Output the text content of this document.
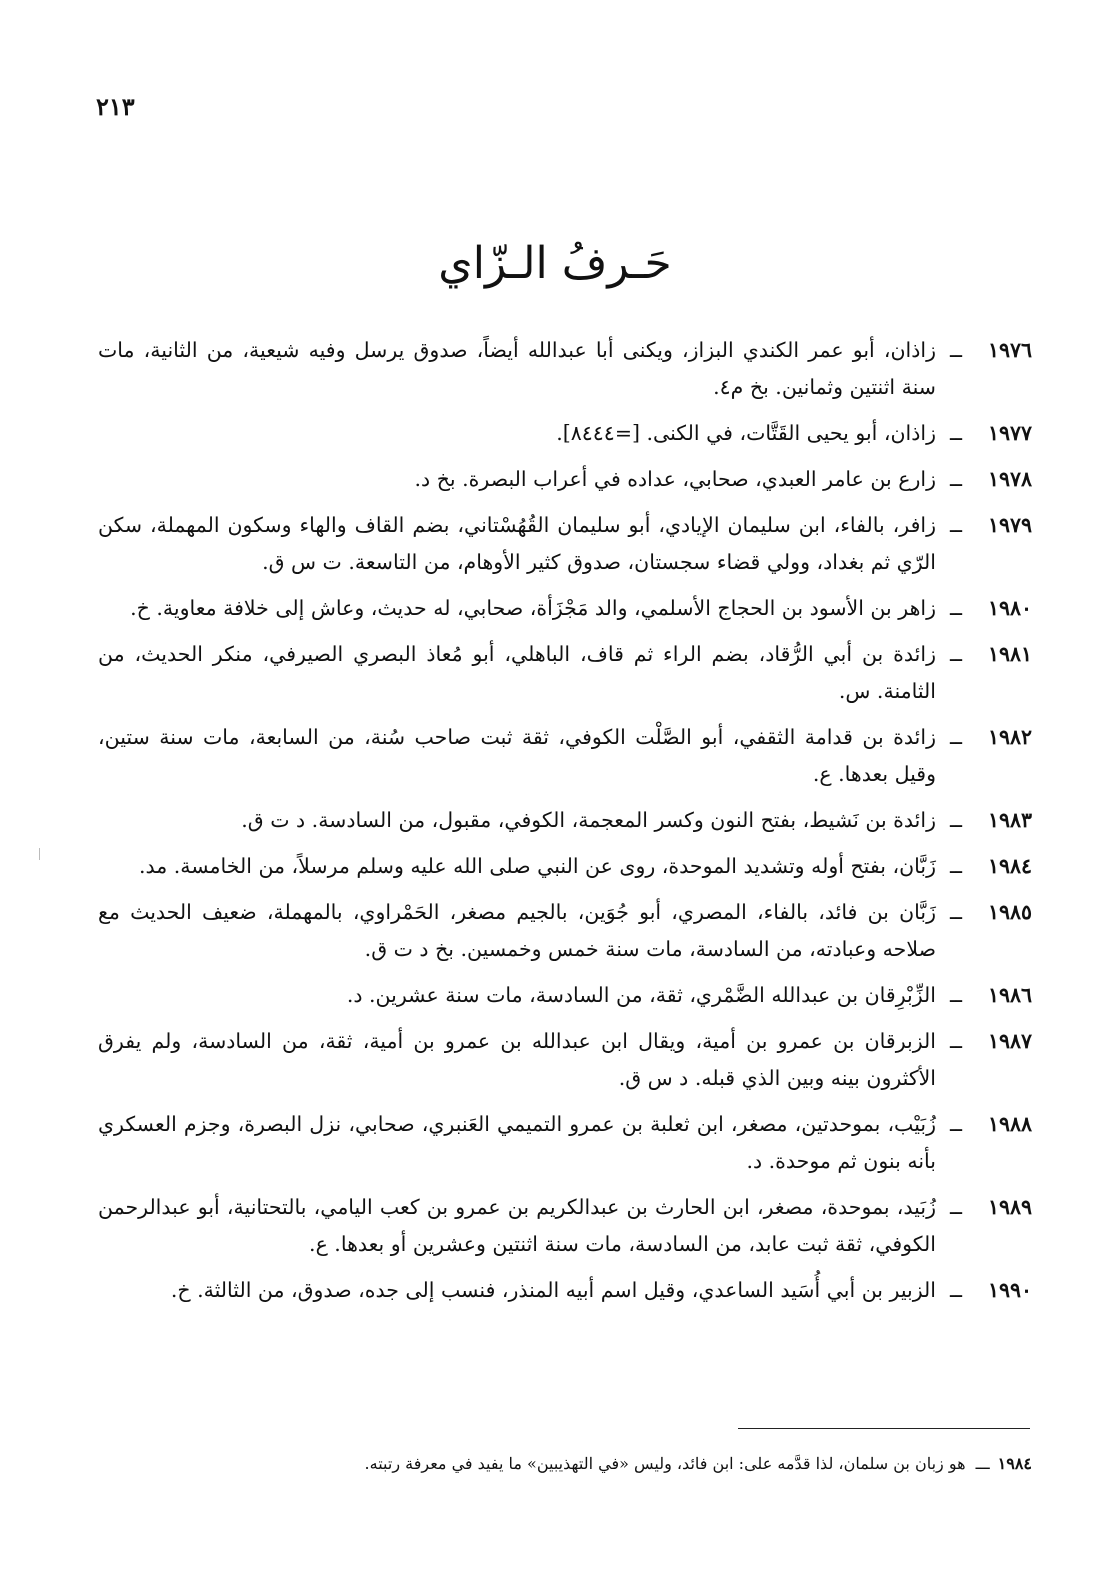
٢١٣
حَـرفُ الـزّاي
١٩٧٦
ــ
زاذان، أبو عمر الكندي البزاز، ويكنى أبا عبدالله أيضاً، صدوق يرسل وفيه شيعية، من الثانية، مات سنة اثنتين وثمانين. بخ م٤.
١٩٧٧
ــ
زاذان، أبو يحيى القَتَّات، في الكنى. [=٨٤٤٤].
١٩٧٨
ــ
زارع بن عامر العبدي، صحابي، عداده في أعراب البصرة. بخ د.
١٩٧٩
ــ
زافر، بالفاء، ابن سليمان الإيادي، أبو سليمان القُهُسْتاني، بضم القاف والهاء وسكون المهملة، سكن الرّي ثم بغداد، وولي قضاء سجستان، صدوق كثير الأوهام، من التاسعة. ت س ق.
١٩٨٠
ــ
زاهر بن الأسود بن الحجاج الأسلمي، والد مَجْزَأة، صحابي، له حديث، وعاش إلى خلافة معاوية. خ.
١٩٨١
ــ
زائدة بن أبي الرُّقاد، بضم الراء ثم قاف، الباهلي، أبو مُعاذ البصري الصيرفي، منكر الحديث، من الثامنة. س.
١٩٨٢
ــ
زائدة بن قدامة الثقفي، أبو الصَّلْت الكوفي، ثقة ثبت صاحب سُنة، من السابعة، مات سنة ستين، وقيل بعدها. ع.
١٩٨٣
ــ
زائدة بن نَشيط، بفتح النون وكسر المعجمة، الكوفي، مقبول، من السادسة. د ت ق.
١٩٨٤
ــ
زَبَّان، بفتح أوله وتشديد الموحدة، روى عن النبي صلى الله عليه وسلم مرسلاً، من الخامسة. مد.
١٩٨٥
ــ
زَبَّان بن فائد، بالفاء، المصري، أبو جُوَين، بالجيم مصغر، الحَمْراوي، بالمهملة، ضعيف الحديث مع صلاحه وعبادته، من السادسة، مات سنة خمس وخمسين. بخ د ت ق.
١٩٨٦
ــ
الزِّبْرِقان بن عبدالله الضَّمْري، ثقة، من السادسة، مات سنة عشرين. د.
١٩٨٧
ــ
الزبرقان بن عمرو بن أمية، ويقال ابن عبدالله بن عمرو بن أمية، ثقة، من السادسة، ولم يفرق الأكثرون بينه وبين الذي قبله. د س ق.
١٩٨٨
ــ
زُبَيْب، بموحدتين، مصغر، ابن ثعلبة بن عمرو التميمي العَنبري، صحابي، نزل البصرة، وجزم العسكري بأنه بنون ثم موحدة. د.
١٩٨٩
ــ
زُبَيد، بموحدة، مصغر، ابن الحارث بن عبدالكريم بن عمرو بن كعب اليامي، بالتحتانية، أبو عبدالرحمن الكوفي، ثقة ثبت عابد، من السادسة، مات سنة اثنتين وعشرين أو بعدها. ع.
١٩٩٠
ــ
الزبير بن أبي أُسَيد الساعدي، وقيل اسم أبيه المنذر، فنسب إلى جده، صدوق، من الثالثة. خ.
١٩٨٤
ـــ
هو زبان بن سلمان، لذا قدَّمه على: ابن فائد، وليس «في التهذيبين» ما يفيد في معرفة رتبته.
